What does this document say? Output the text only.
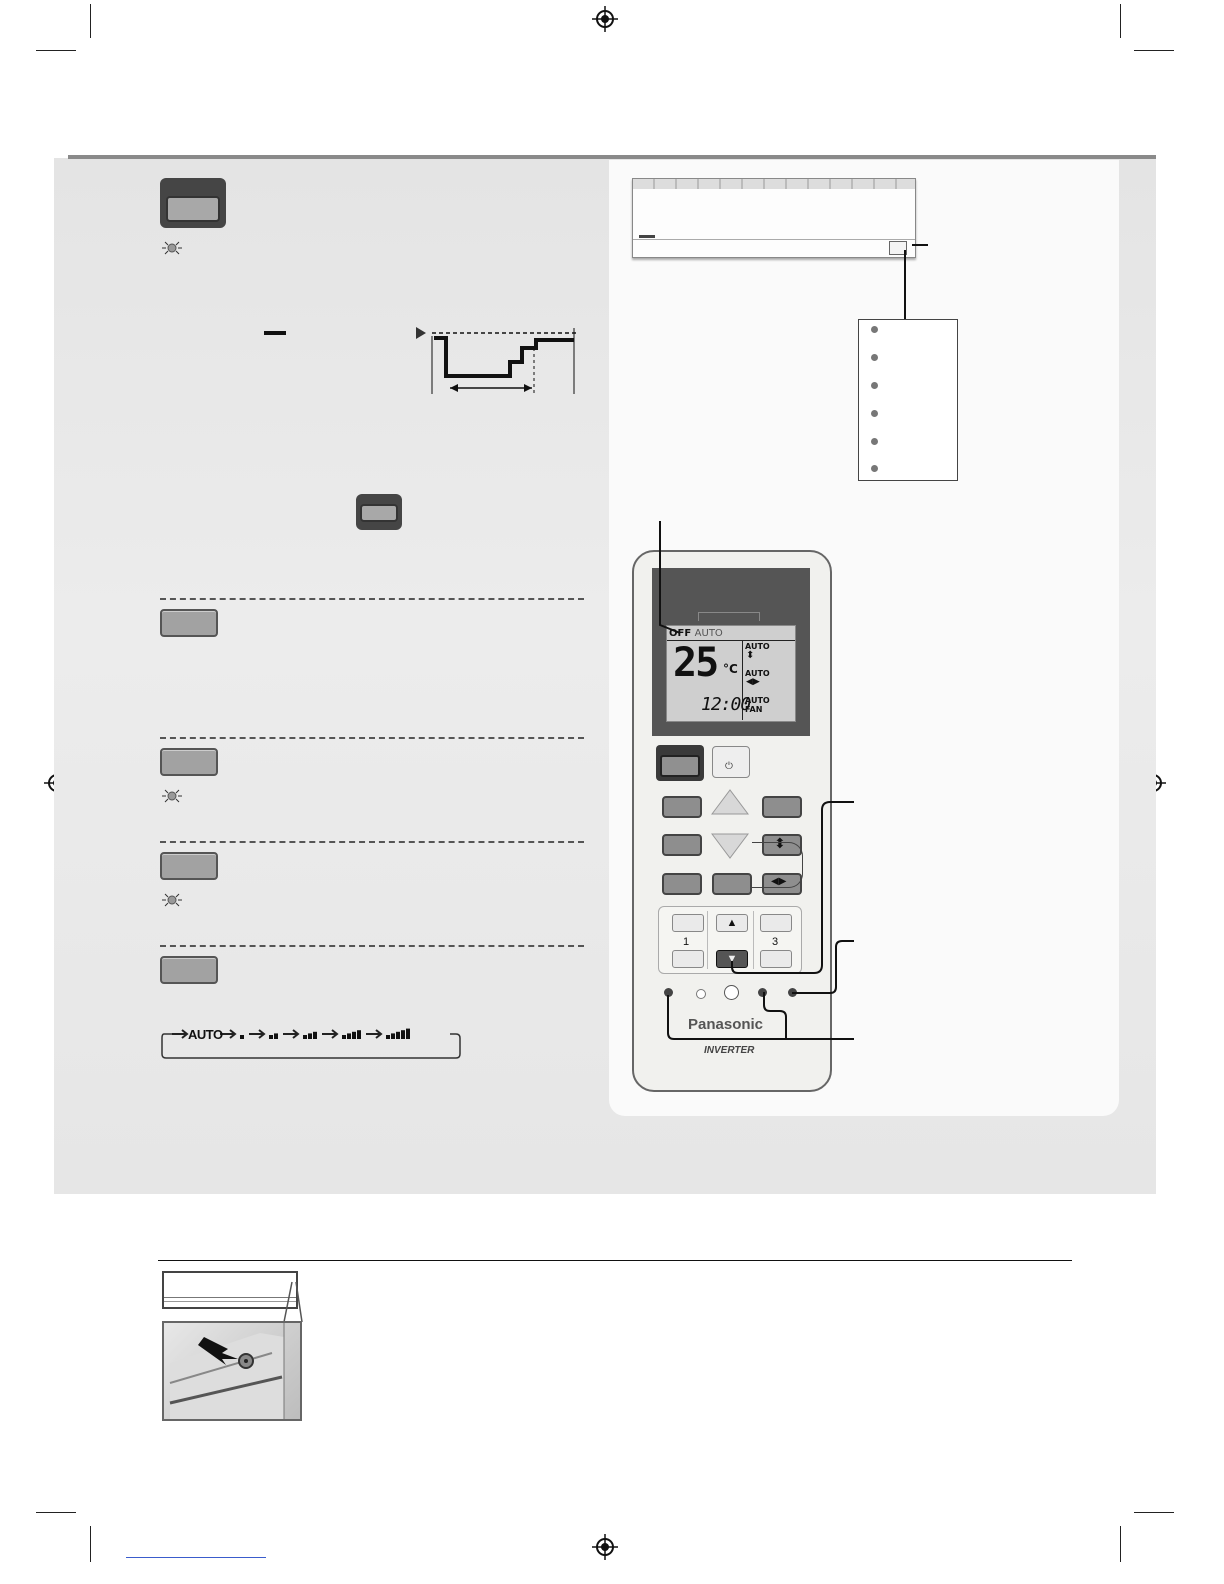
AUTO
OFF AUTO
25 °C
12:00
AUTO
⬍
AUTO
◀▶
AUTO
FAN
⏻
⬍
◀▶
1
▲
▼
3
Panasonic
INVERTER
